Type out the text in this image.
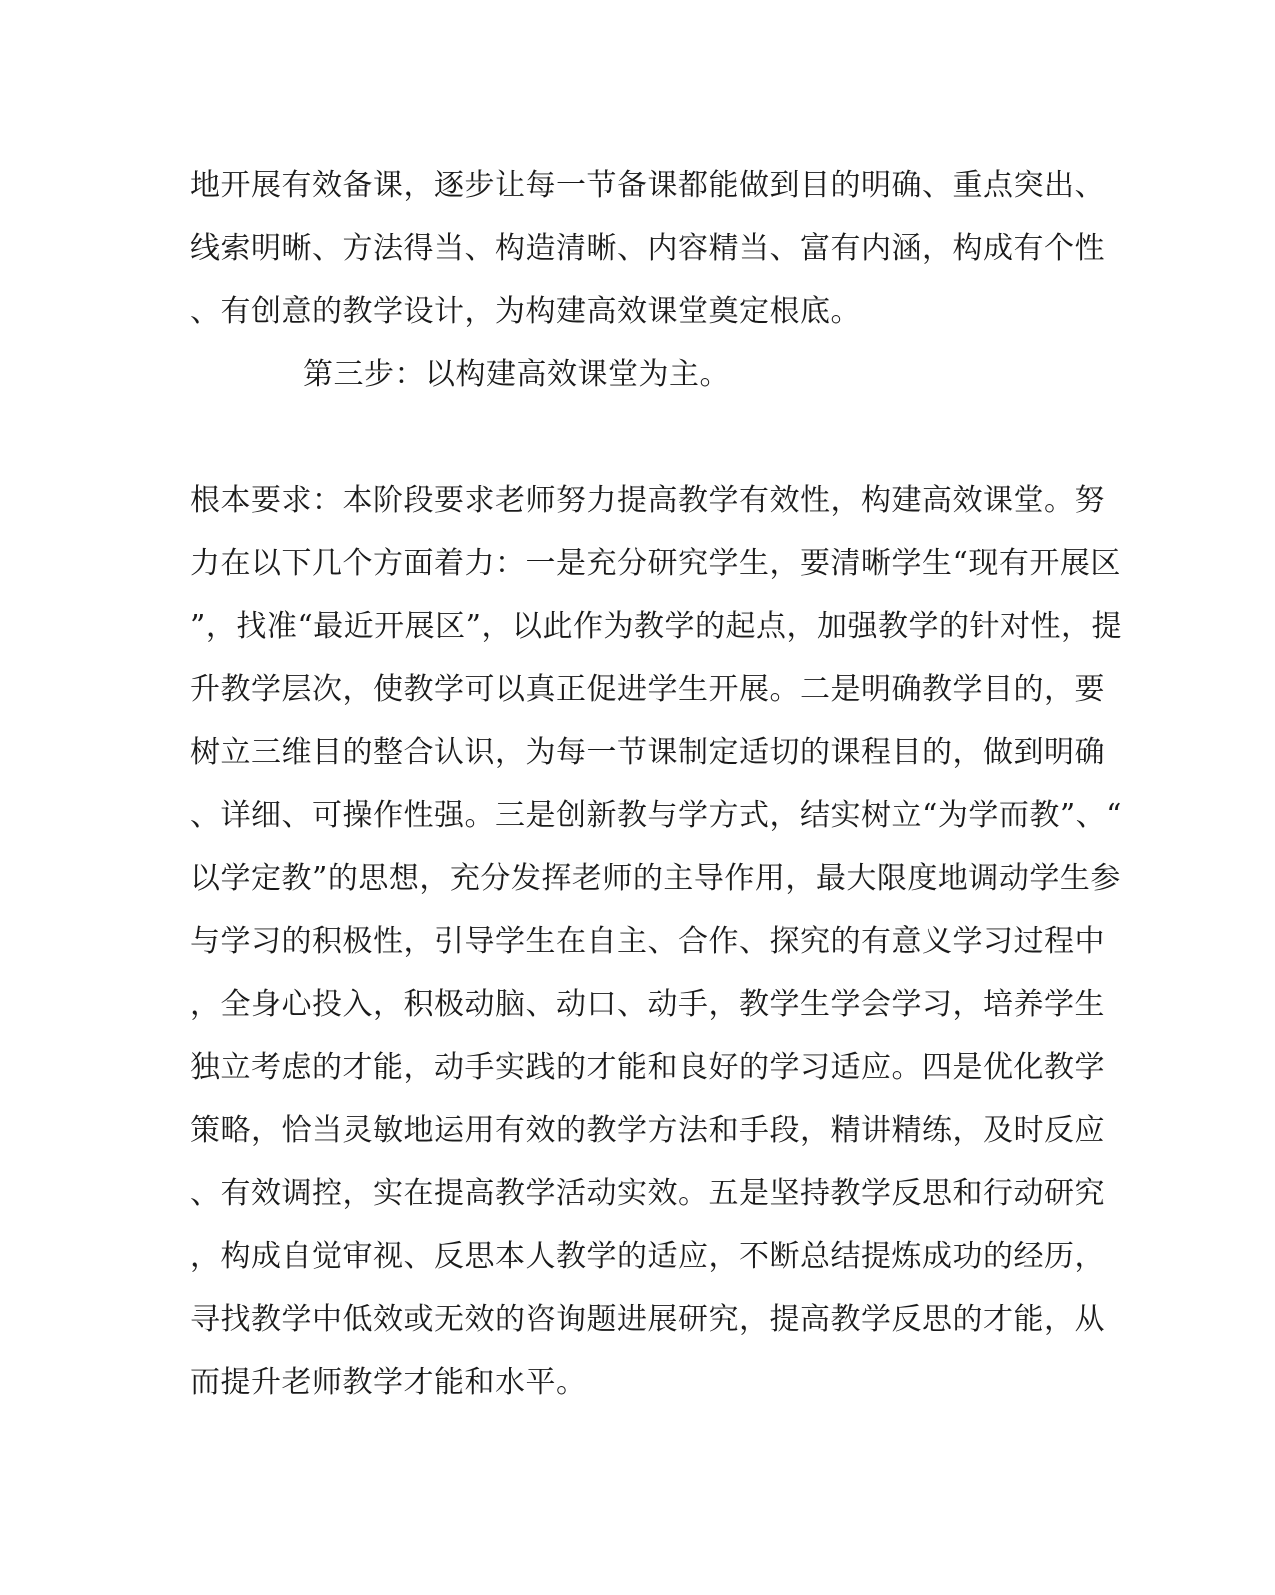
地开展有效备课，逐步让每一节备课都能做到目的明确、重点突出、
线索明晰、方法得当、构造清晰、内容精当、富有内涵，构成有个性
、有创意的教学设计，为构建高效课堂奠定根底。
第三步：以构建高效课堂为主。
根本要求：本阶段要求老师努力提高教学有效性，构建高效课堂。努
力在以下几个方面着力：一是充分研究学生，要清晰学生“现有开展区
”，找准“最近开展区”，以此作为教学的起点，加强教学的针对性，提
升教学层次，使教学可以真正促进学生开展。二是明确教学目的，要
树立三维目的整合认识，为每一节课制定适切的课程目的，做到明确
、详细、可操作性强。三是创新教与学方式，结实树立“为学而教”、“
以学定教”的思想，充分发挥老师的主导作用，最大限度地调动学生参
与学习的积极性，引导学生在自主、合作、探究的有意义学习过程中
，全身心投入，积极动脑、动口、动手，教学生学会学习，培养学生
独立考虑的才能，动手实践的才能和良好的学习适应。四是优化教学
策略，恰当灵敏地运用有效的教学方法和手段，精讲精练，及时反应
、有效调控，实在提高教学活动实效。五是坚持教学反思和行动研究
，构成自觉审视、反思本人教学的适应，不断总结提炼成功的经历，
寻找教学中低效或无效的咨询题进展研究，提高教学反思的才能，从
而提升老师教学才能和水平。
